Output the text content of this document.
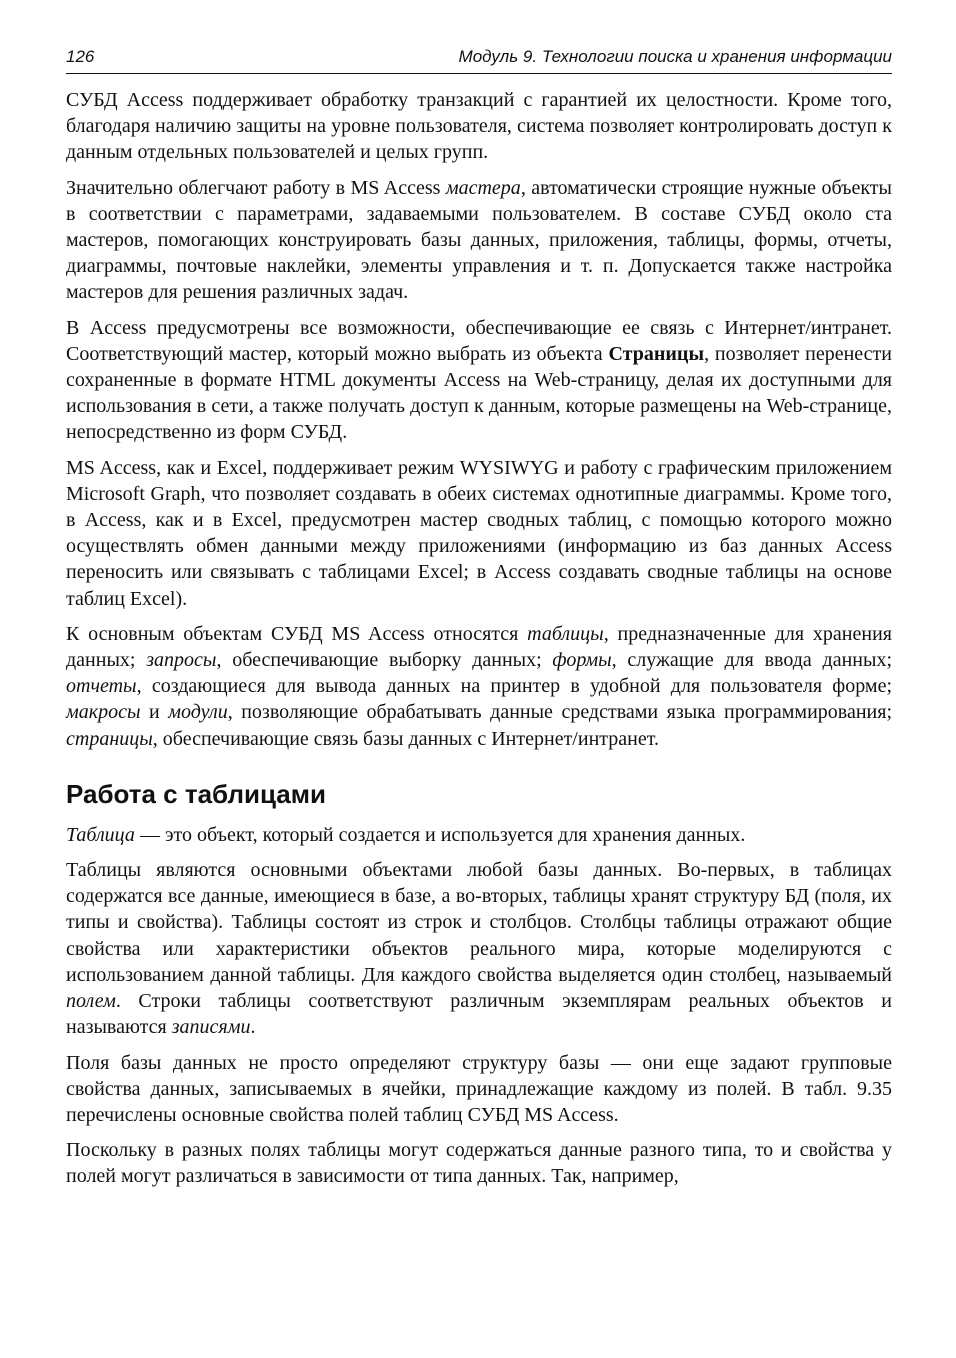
126	Модуль 9. Технологии поиска и хранения информации

СУБД Access поддерживает обработку транзакций с гарантией их целостности. Кроме того, благодаря наличию защиты на уровне пользователя, система позволяет контролировать доступ к данным отдельных пользователей и целых групп.

Значительно облегчают работу в MS Access мастера, автоматически строящие нужные объекты в соответствии с параметрами, задаваемыми пользователем. В составе СУБД около ста мастеров, помогающих конструировать базы данных, приложения, таблицы, формы, отчеты, диаграммы, почтовые наклейки, элементы управления и т. п. Допускается также настройка мастеров для решения различных задач.

В Access предусмотрены все возможности, обеспечивающие ее связь с Интернет/интранет. Соответствующий мастер, который можно выбрать из объекта Страницы, позволяет перенести сохраненные в формате HTML документы Access на Web-страницу, делая их доступными для использования в сети, а также получать доступ к данным, которые размещены на Web-странице, непосредственно из форм СУБД.

MS Access, как и Excel, поддерживает режим WYSIWYG и работу с графическим приложением Microsoft Graph, что позволяет создавать в обеих системах однотипные диаграммы. Кроме того, в Access, как и в Excel, предусмотрен мастер сводных таблиц, с помощью которого можно осуществлять обмен данными между приложениями (информацию из баз данных Access переносить или связывать с таблицами Excel; в Access создавать сводные таблицы на основе таблиц Excel).

К основным объектам СУБД MS Access относятся таблицы, предназначенные для хранения данных; запросы, обеспечивающие выборку данных; формы, служащие для ввода данных; отчеты, создающиеся для вывода данных на принтер в удобной для пользователя форме; макросы и модули, позволяющие обрабатывать данные средствами языка программирования; страницы, обеспечивающие связь базы данных с Интернет/интранет.

Работа с таблицами

Таблица — это объект, который создается и используется для хранения данных.

Таблицы являются основными объектами любой базы данных. Во-первых, в таблицах содержатся все данные, имеющиеся в базе, а во-вторых, таблицы хранят структуру БД (поля, их типы и свойства). Таблицы состоят из строк и столбцов. Столбцы таблицы отражают общие свойства или характеристики объектов реального мира, которые моделируются с использованием данной таблицы. Для каждого свойства выделяется один столбец, называемый полем. Строки таблицы соответствуют различным экземплярам реальных объектов и называются записями.

Поля базы данных не просто определяют структуру базы — они еще задают групповые свойства данных, записываемых в ячейки, принадлежащие каждому из полей. В табл. 9.35 перечислены основные свойства полей таблиц СУБД MS Access.

Поскольку в разных полях таблицы могут содержаться данные разного типа, то и свойства у полей могут различаться в зависимости от типа данных. Так, например,
